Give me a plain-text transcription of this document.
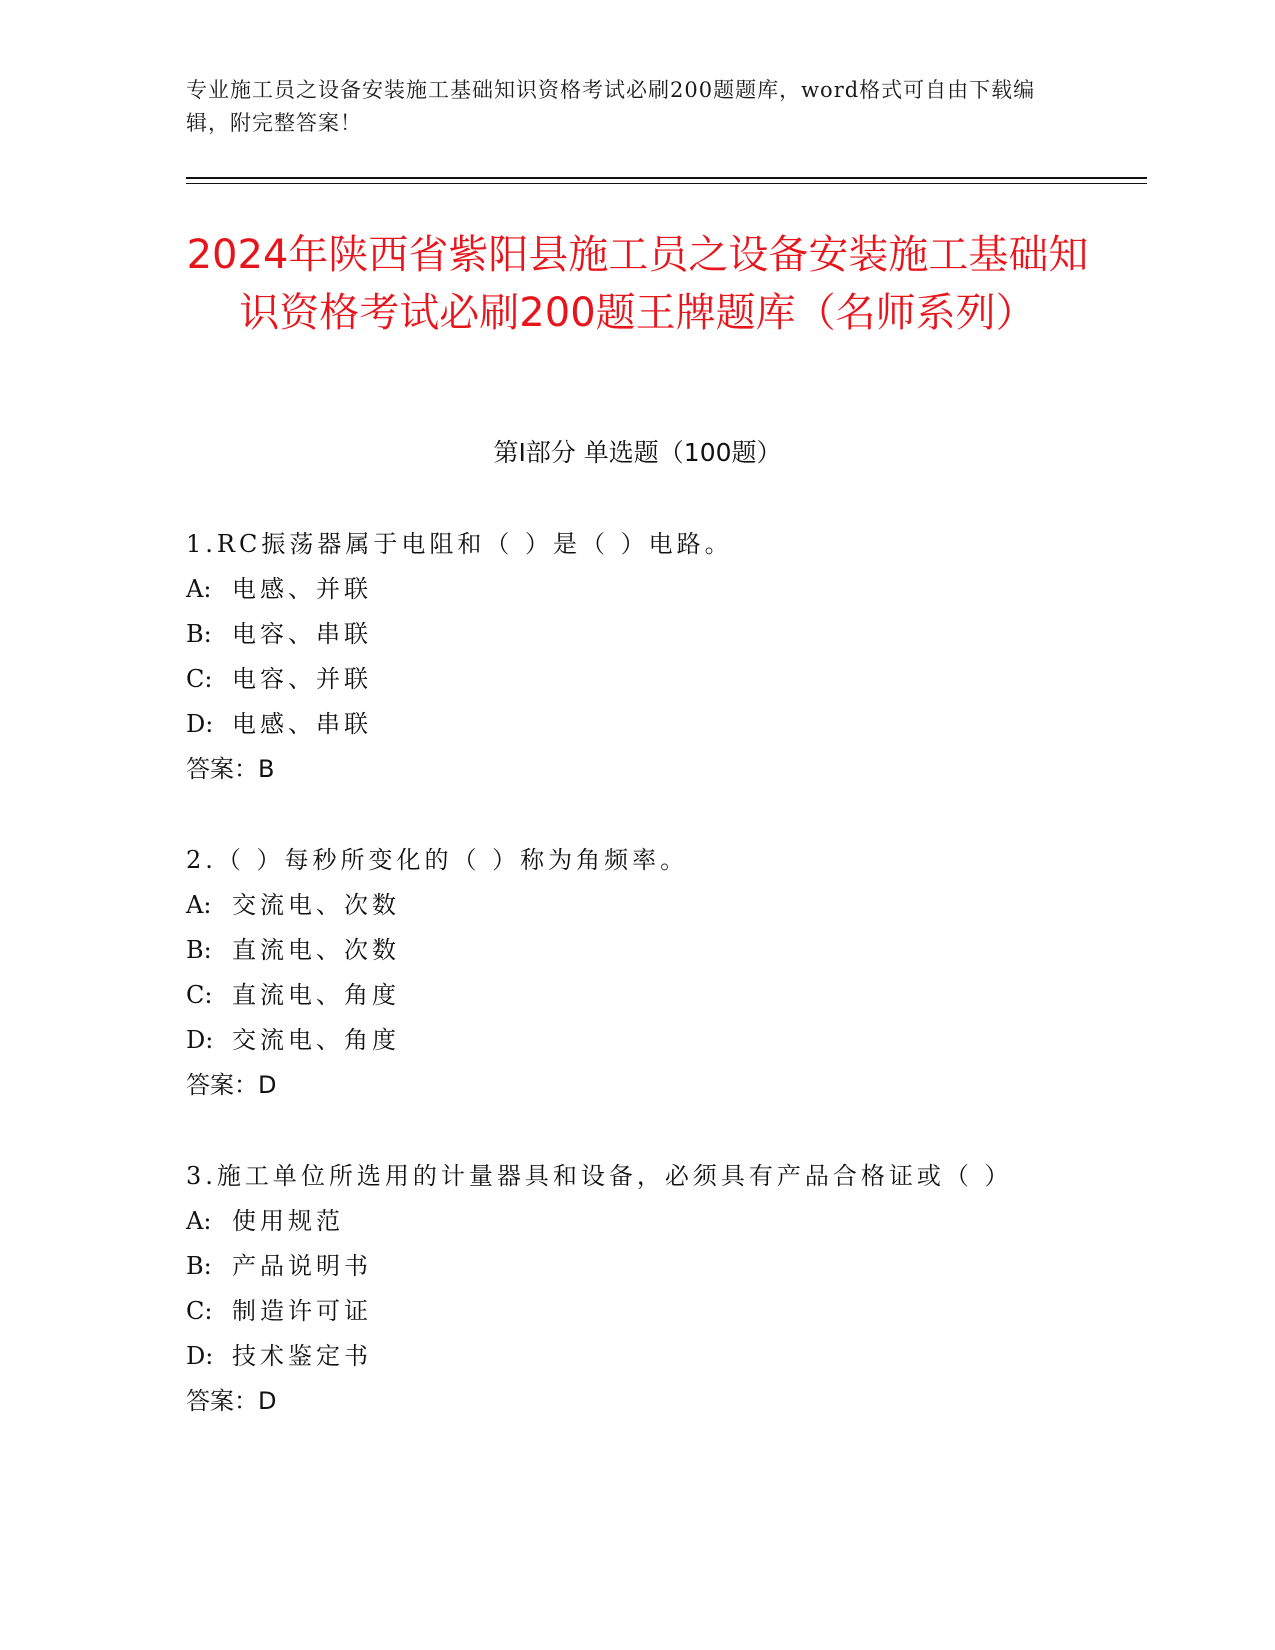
专业施工员之设备安装施工基础知识资格考试必刷200题题库，word格式可自由下载编辑，附完整答案！
2024年陕西省紫阳县施工员之设备安装施工基础知识资格考试必刷200题王牌题库（名师系列）
第I部分 单选题（100题）
1.RC振荡器属于电阻和（ ）是（ ）电路。
A: 电感、并联
B: 电容、串联
C: 电容、并联
D: 电感、串联
答案：B
2.（ ）每秒所变化的（ ）称为角频率。
A: 交流电、次数
B: 直流电、次数
C: 直流电、角度
D: 交流电、角度
答案：D
3.施工单位所选用的计量器具和设备，必须具有产品合格证或（ ）
A: 使用规范
B: 产品说明书
C: 制造许可证
D: 技术鉴定书
答案：D
